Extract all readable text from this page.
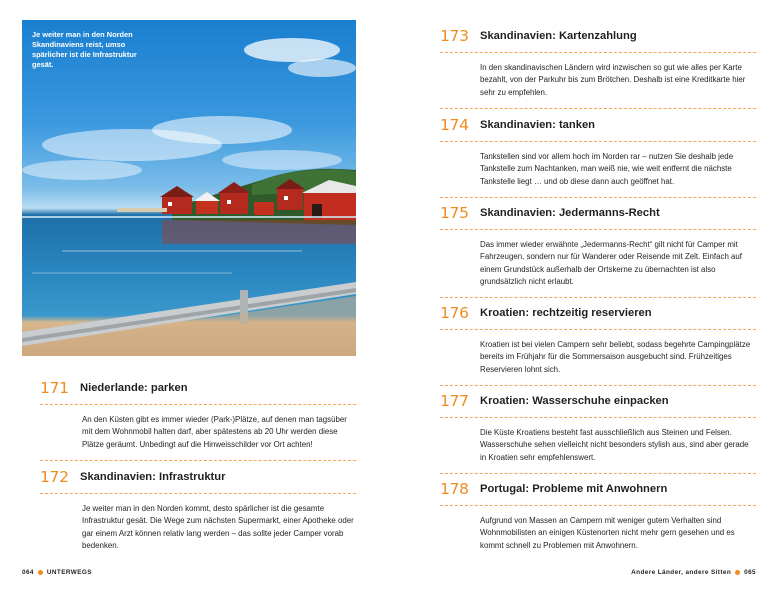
Je weiter man in den Norden Skandinaviens reist, umso spärlicher ist die Infrastruktur gesät.
171	Niederlande: parken
An den Küsten gibt es immer wieder (Park-)Plätze, auf denen man tagsüber mit dem Wohnmobil halten darf, aber spätestens ab 20 Uhr werden diese Plätze geräumt. Unbedingt auf die Hinweisschilder vor Ort achten!
172	Skandinavien: Infrastruktur
Je weiter man in den Norden kommt, desto spärlicher ist die gesamte Infrastruktur gesät. Die Wege zum nächsten Supermarkt, einer Apotheke oder gar einem Arzt können relativ lang werden – das sollte jeder Camper vorab bedenken.
173	Skandinavien: Kartenzahlung
In den skandinavischen Ländern wird inzwischen so gut wie alles per Karte bezahlt, von der Parkuhr bis zum Brötchen. Deshalb ist eine Kreditkarte hier sehr zu empfehlen.
174	Skandinavien: tanken
Tankstellen sind vor allem hoch im Norden rar – nutzen Sie deshalb jede Tankstelle zum Nachtanken, man weiß nie, wie weit entfernt die nächste Tankstelle liegt … und ob diese dann auch geöffnet hat.
175	Skandinavien: Jedermanns-Recht
Das immer wieder erwähnte „Jedermanns-Recht“ gilt nicht für Camper mit Fahrzeugen, sondern nur für Wanderer oder Reisende mit Zelt. Einfach auf einem Grundstück außerhalb der Ortskerne zu übernachten ist also grundsätzlich nicht erlaubt.
176	Kroatien: rechtzeitig reservieren
Kroatien ist bei vielen Campern sehr beliebt, sodass begehrte Campingplätze bereits im Frühjahr für die Sommersaison ausgebucht sind. Frühzeitiges Reservieren lohnt sich.
177	Kroatien: Wasserschuhe einpacken
Die Küste Kroatiens besteht fast ausschließlich aus Steinen und Felsen. Wasserschuhe sehen vielleicht nicht besonders stylish aus, sind aber gerade in Kroatien sehr empfehlenswert.
178	Portugal: Probleme mit Anwohnern
Aufgrund von Massen an Campern mit weniger gutem Verhalten sind Wohnmobilisten an einigen Küstenorten nicht mehr gern gesehen und es kommt schnell zu Problemen mit Anwohnern.
064 UNTERWEGS	Andere Länder, andere Sitten 065
